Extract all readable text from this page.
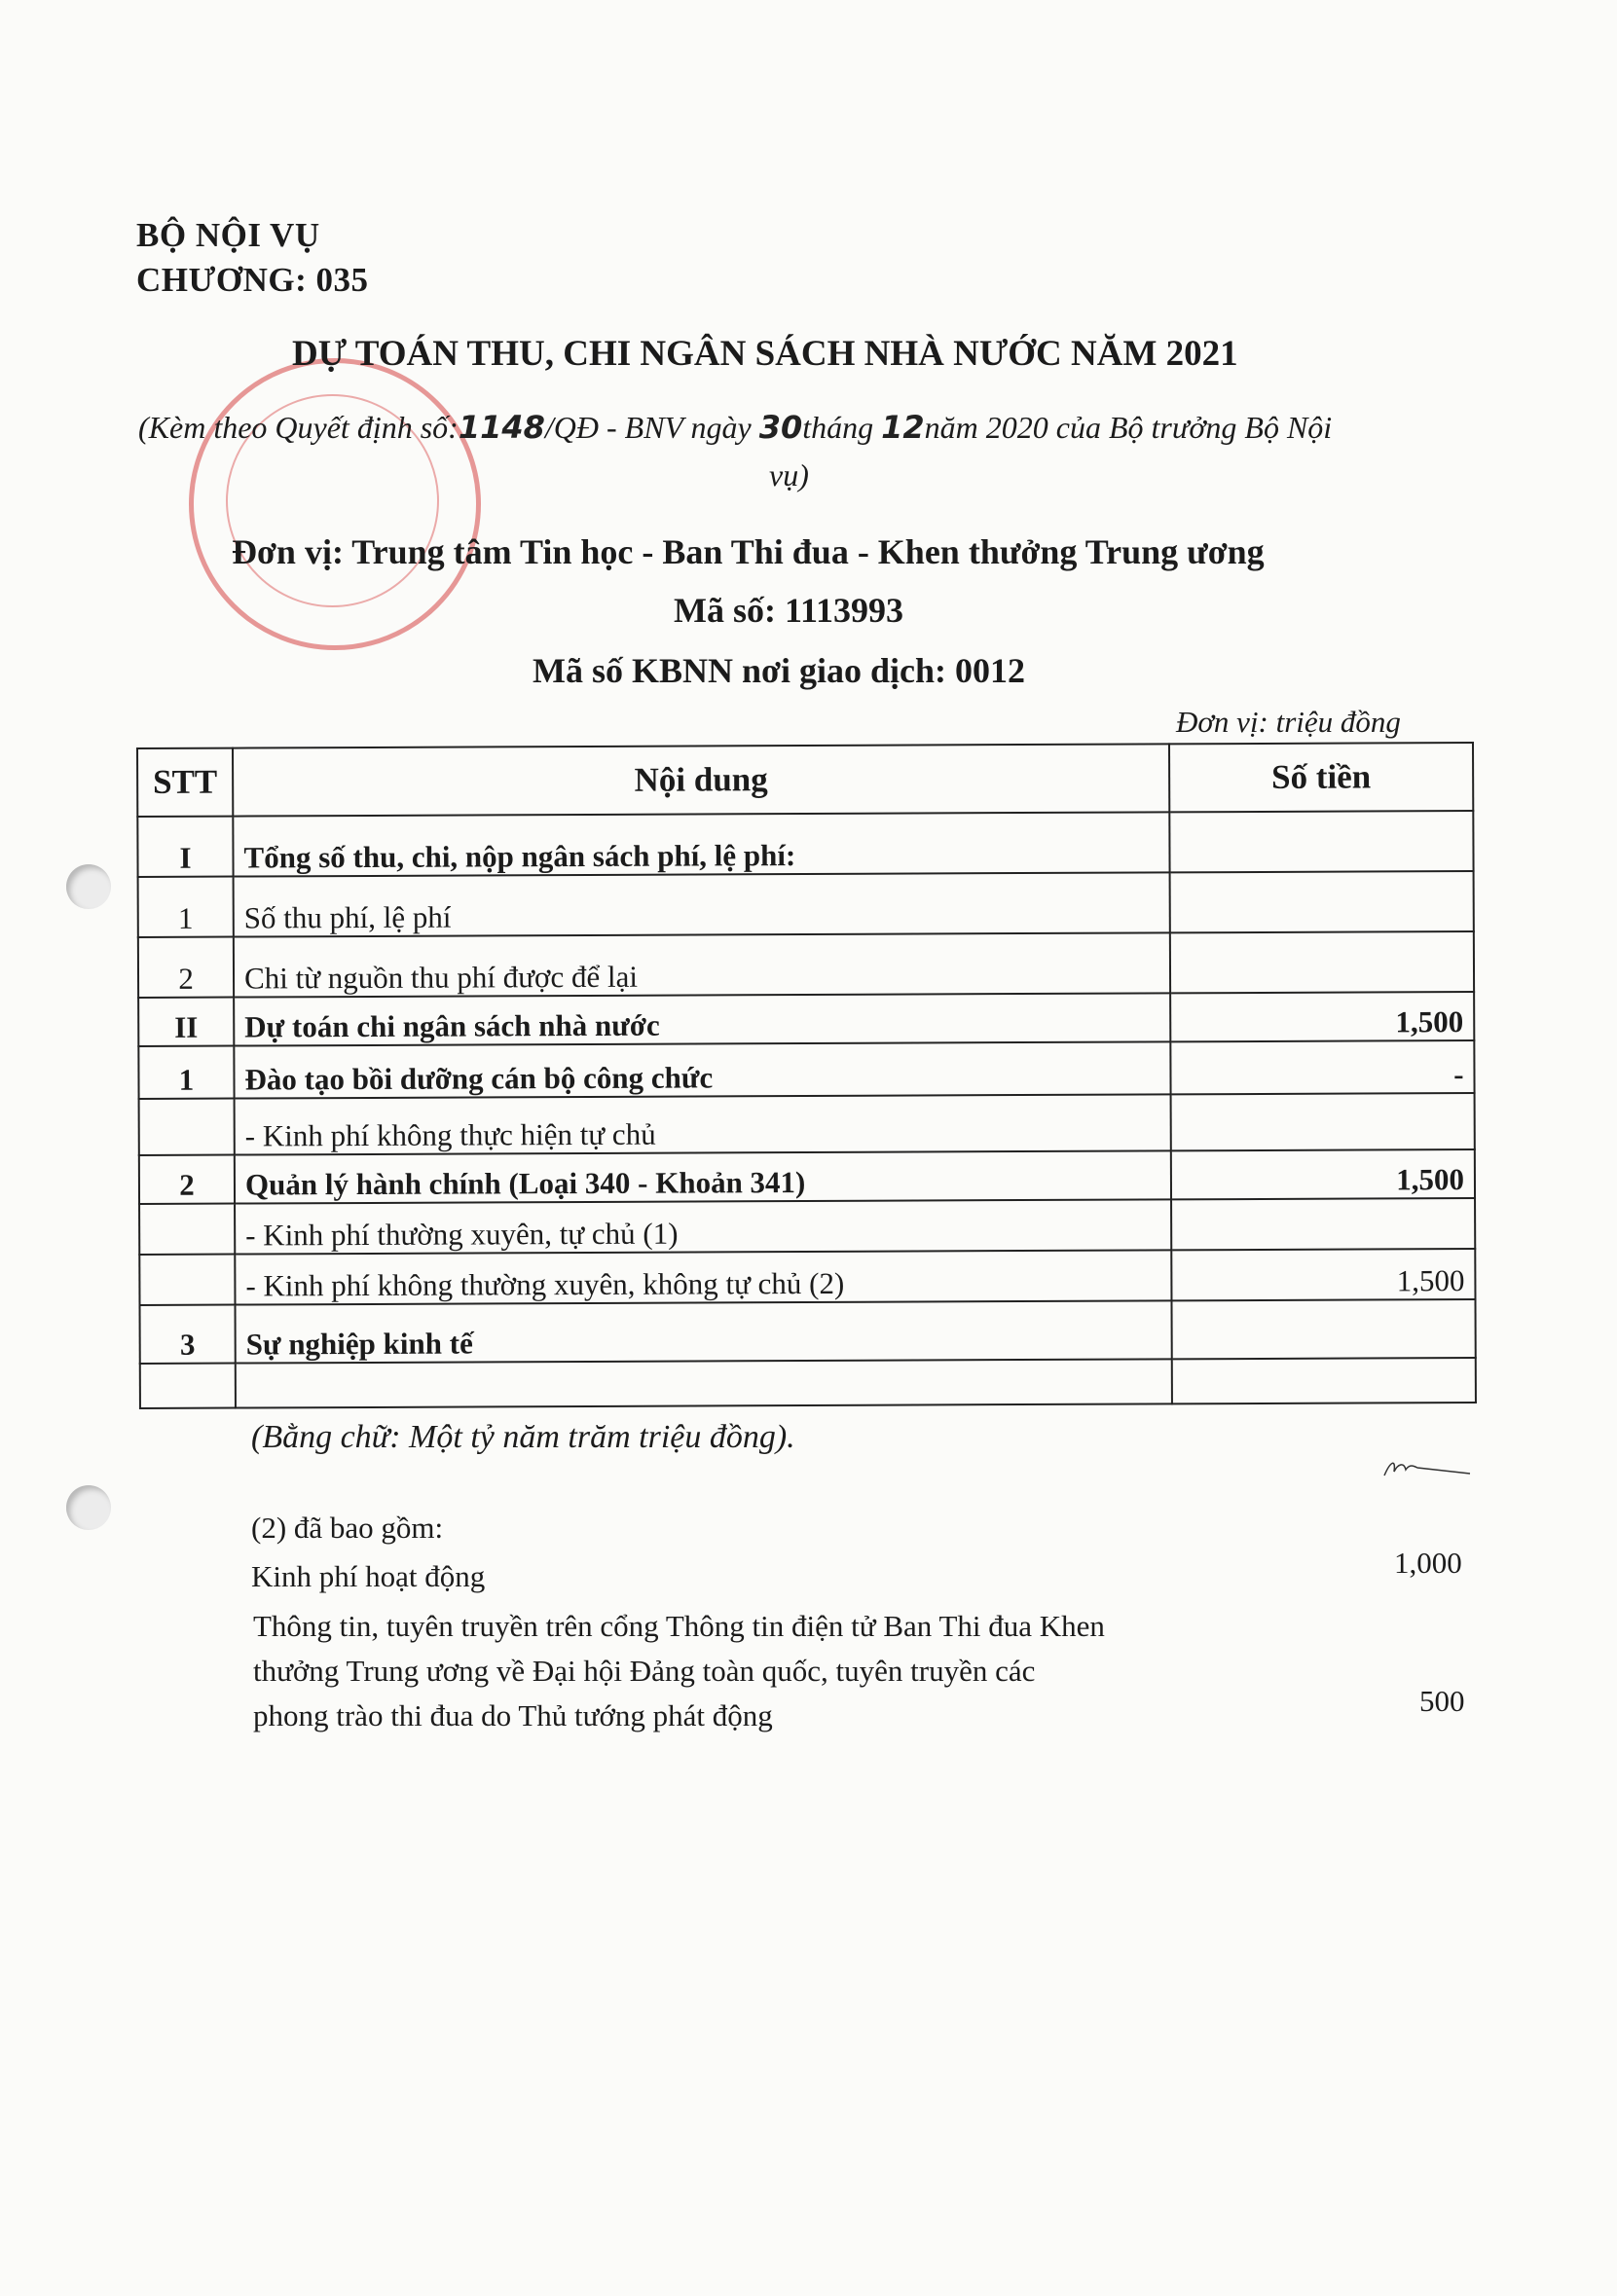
BỘ NỘI VỤ
CHƯƠNG: 035
DỰ TOÁN THU, CHI NGÂN SÁCH NHÀ NƯỚC NĂM 2021
(Kèm theo Quyết định số:1148/QĐ - BNV ngày 30tháng 12năm 2020 của Bộ trưởng Bộ Nội
vụ)
Đơn vị: Trung tâm Tin học - Ban Thi đua - Khen thưởng Trung ương
Mã số: 1113993
Mã số KBNN nơi giao dịch: 0012
Đơn vị: triệu đồng
STT	Nội dung	Số tiền
I	Tổng số thu, chi, nộp ngân sách phí, lệ phí:	
1	Số thu phí, lệ phí	
2	Chi từ nguồn thu phí được để lại	
II	Dự toán chi ngân sách nhà nước	1,500
1	Đào tạo bồi dưỡng cán bộ công chức	-
	- Kinh phí không thực hiện tự chủ	
2	Quản lý hành chính (Loại 340 - Khoản 341)	1,500
	- Kinh phí thường xuyên, tự chủ (1)	
	- Kinh phí không thường xuyên, không tự chủ (2)	1,500
3	Sự nghiệp kinh tế	

(Bằng chữ: Một tỷ năm trăm triệu đồng).
(2) đã bao gồm:
Kinh phí hoạt động	1,000
Thông tin, tuyên truyền trên cổng Thông tin điện tử Ban Thi đua Khen
thưởng Trung ương về Đại hội Đảng toàn quốc, tuyên truyền các
phong trào thi đua do Thủ tướng phát động	500
